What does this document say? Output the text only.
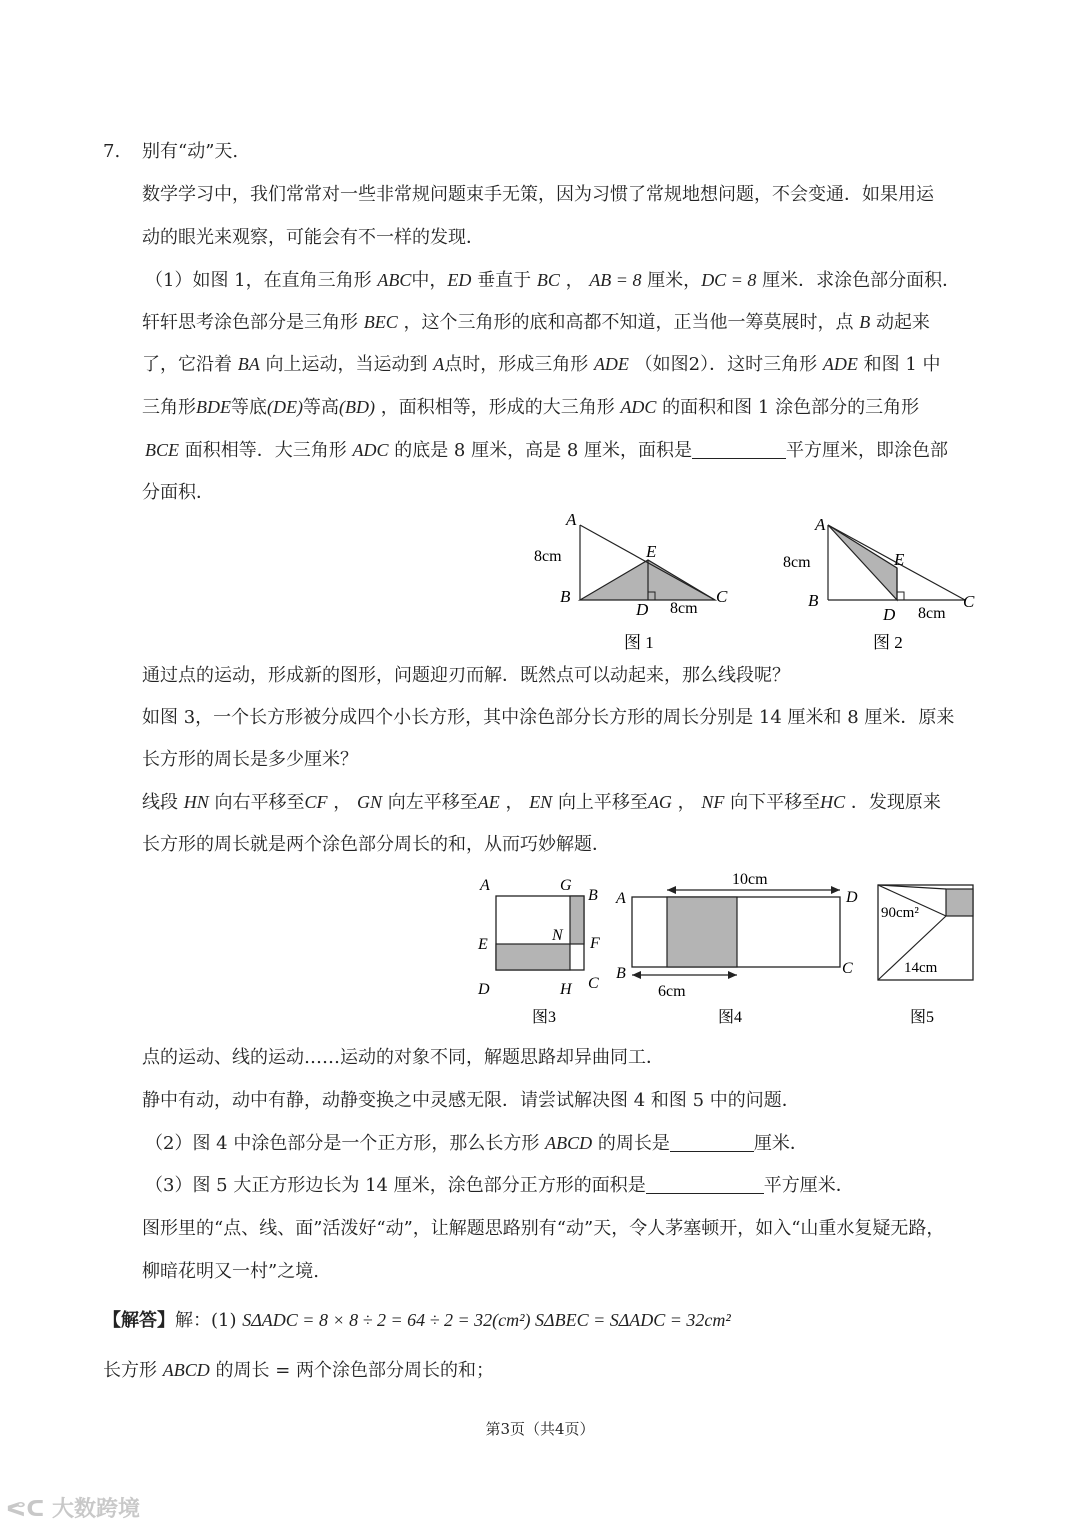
7. 别有“动”天.
数学学习中，我们常常对一些非常规问题束手无策，因为习惯了常规地想问题，不会变通．如果用运
动的眼光来观察，可能会有不一样的发现．
（1）如图 1，在直角三角形 ABC中，ED 垂直于 BC ， AB = 8 厘米，DC = 8 厘米．求涂色部分面积．
轩轩思考涂色部分是三角形 BEC ，这个三角形的底和高都不知道，正当他一筹莫展时，点 B 动起来
了，它沿着 BA 向上运动，当运动到 A点时，形成三角形 ADE （如图2）．这时三角形 ADE 和图 1 中
三角形BDE等底(DE)等高(BD) ，面积相等，形成的大三角形 ADC 的面积和图 1 涂色部分的三角形
BCE 面积相等．大三角形 ADC 的底是 8 厘米，高是 8 厘米，面积是	平方厘米，即涂色部
分面积．
A
B	C
D
E
8cm
8cm
图 1
A
B	C
D
E
8cm
8cm
图 2
通过点的运动，形成新的图形，问题迎刃而解．既然点可以动起来，那么线段呢？
如图 3，一个长方形被分成四个小长方形，其中涂色部分长方形的周长分别是 14 厘米和 8 厘米．原来
长方形的周长是多少厘米？
线段 HN 向右平移至CF ， GN 向左平移至AE ， EN 向上平移至AG ， NF 向下平移至HC ．发现原来
长方形的周长就是两个涂色部分周长的和，从而巧妙解题．
A	G
B
E
N F
D	H C
图3
10cm
6cm
A	D
B	C
图4
90cm²
14cm
图5
点的运动、线的运动……运动的对象不同，解题思路却异曲同工．
静中有动，动中有静，动静变换之中灵感无限．请尝试解决图 4 和图 5 中的问题．
（2）图 4 中涂色部分是一个正方形，那么长方形 ABCD 的周长是	厘米．
（3）图 5 大正方形边长为 14 厘米，涂色部分正方形的面积是	平方厘米．
图形里的“点、线、面”活泼好“动”，让解题思路别有“动”天，令人茅塞顿开，如入“山重水复疑无路，
柳暗花明又一村”之境.
【解答】解：(1) SΔADC = 8 × 8 ÷ 2 = 64 ÷ 2 = 32(cm²) SΔBEC = SΔADC = 32cm²
长方形 ABCD 的周长 = 两个涂色部分周长的和；
第3页（共4页）
ᕙᑕ 大数跨境
